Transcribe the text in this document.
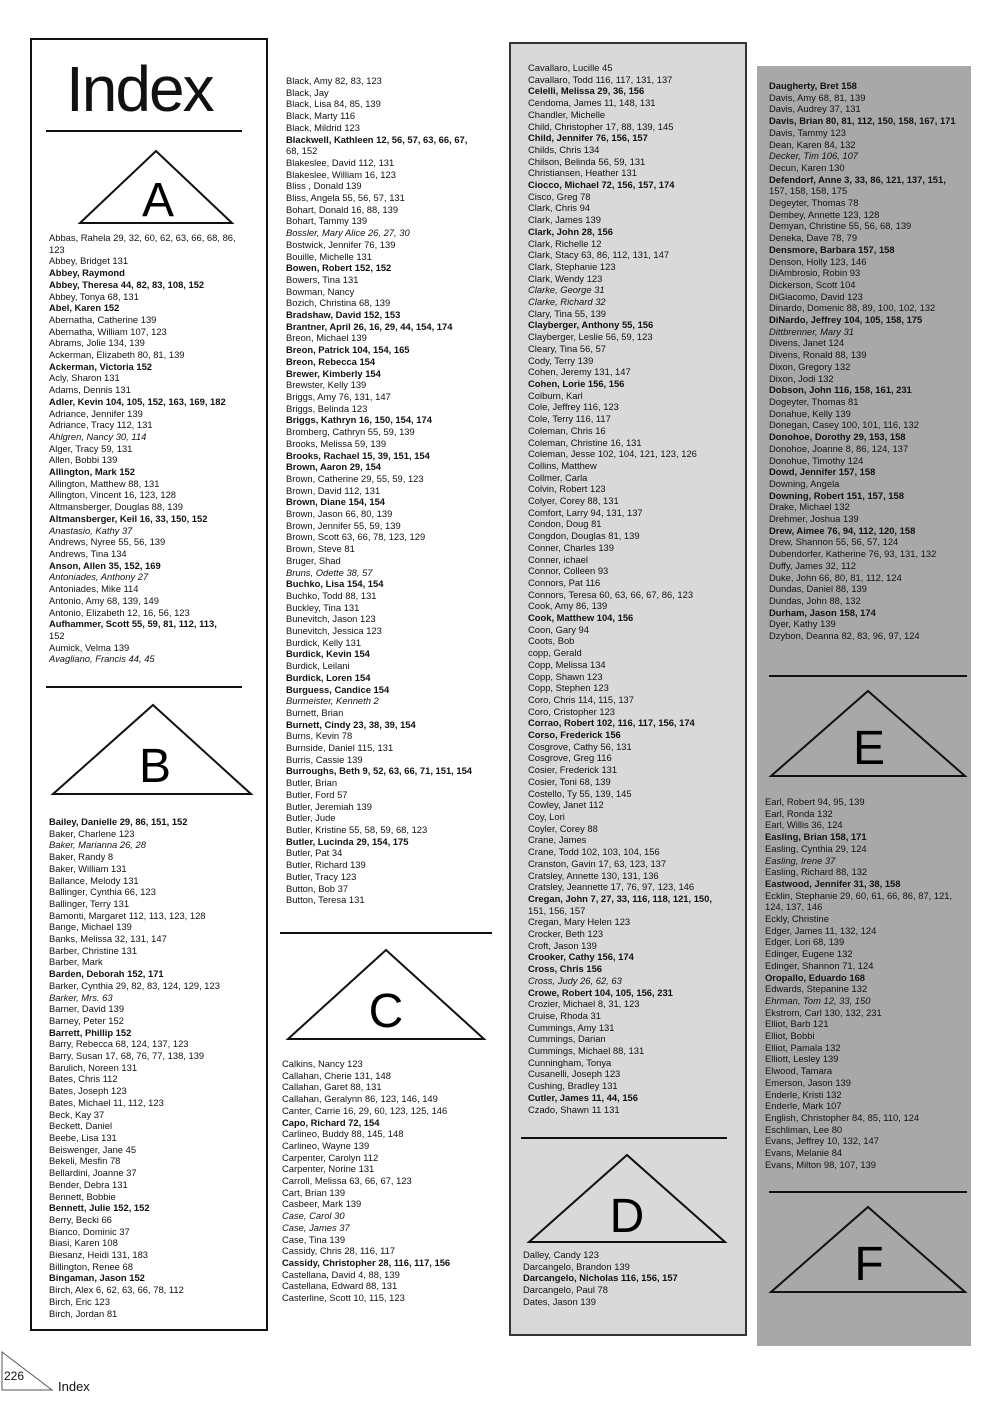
Index
A
Abbas, Rahela 29, 32, 60, 62, 63, 66, 68, 86,
123
Abbey, Bridget 131
Abbey, Raymond
Abbey, Theresa 44, 82, 83, 108, 152
Abbey, Tonya 68, 131
Abel, Karen 152
Abernatha, Catherine 139
Abernatha, William 107, 123
Abrams, Jolie 134, 139
Ackerman, Elizabeth 80, 81, 139
Ackerman, Victoria 152
Acly, Sharon 131
Adams, Dennis 131
Adler, Kevin 104, 105, 152, 163, 169, 182
Adriance, Jennifer 139
Adriance, Tracy 112, 131
Ahlgren, Nancy 30, 114
Alger, Tracy 59, 131
Allen, Bobbi 139
Allington, Mark 152
Allington, Matthew 88, 131
Allington, Vincent 16, 123, 128
Altmansberger, Douglas 88, 139
Altmansberger, Keil 16, 33, 150, 152
Anastasio, Kathy 37
Andrews, Nyree 55, 56, 139
Andrews, Tina 134
Anson, Allen 35, 152, 169
Antoniades, Anthony 27
Antoniades, Mike 114
Antonio, Amy 68, 139, 149
Antonio, Elizabeth 12, 16, 56, 123
Aufhammer, Scott 55, 59, 81, 112, 113,
152
Aumick, Velma 139
Avagliano, Francis 44, 45
B
Bailey, Danielle 29, 86, 151, 152
Baker, Charlene 123
Baker, Marianna 26, 28
Baker, Randy 8
Baker, William 131
Ballance, Melody 131
Ballinger, Cynthia 66, 123
Ballinger, Terry 131
Bamonti, Margaret 112, 113, 123, 128
Bange, Michael 139
Banks, Melissa 32, 131, 147
Barber, Christine 131
Barber, Mark
Barden, Deborah 152, 171
Barker, Cynthia 29, 82, 83, 124, 129, 123
Barker, Mrs. 63
Barner, David 139
Barney, Peter 152
Barrett, Phillip 152
Barry, Rebecca 68, 124, 137, 123
Barry, Susan 17, 68, 76, 77, 138, 139
Barulich, Noreen 131
Bates, Chris 112
Bates, Joseph 123
Bates, Michael 11, 112, 123
Beck, Kay 37
Beckett, Daniel
Beebe, Lisa 131
Beiswenger, Jane 45
Bekeli, Mesfin 78
Bellardini, Joanne 37
Bender, Debra 131
Bennett, Bobbie
Bennett, Julie 152, 152
Berry, Becki 66
Bianco, Dominic 37
Biasi, Karen 108
Biesanz, Heidi 131, 183
Billington, Renee 68
Bingaman, Jason 152
Birch, Alex 6, 62, 63, 66, 78, 112
Birch, Eric 123
Birch, Jordan 81
Black, Amy 82, 83, 123
Black, Jay
Black, Lisa 84, 85, 139
Black, Marty 116
Black, Mildrid 123
Blackwell, Kathleen 12, 56, 57, 63, 66, 67,
68, 152
Blakeslee, David 112, 131
Blakeslee, William 16, 123
Bliss , Donald 139
Bliss, Angela 55, 56, 57, 131
Bohart, Donald 16, 88, 139
Bohart, Tammy 139
Bossler, Mary Alice 26, 27, 30
Bostwick, Jennifer 76, 139
Bouille, Michelle 131
Bowen, Robert 152, 152
Bowers, Tina 131
Bowman, Nancy
Bozich, Christina 68, 139
Bradshaw, David 152, 153
Brantner, April 26, 16, 29, 44, 154, 174
Breon, Michael 139
Breon, Patrick 104, 154, 165
Breon, Rebecca 154
Brewer, Kimberly 154
Brewster, Kelly 139
Briggs, Amy 76, 131, 147
Briggs, Belinda 123
Briggs, Kathryn 16, 150, 154, 174
Bromberg, Cathryn 55, 59, 139
Brooks, Melissa 59, 139
Brooks, Rachael 15, 39, 151, 154
Brown, Aaron 29, 154
Brown, Catherine 29, 55, 59, 123
Brown, David 112, 131
Brown, Diane 154, 154
Brown, Jason 66, 80, 139
Brown, Jennifer 55, 59, 139
Brown, Scott 63, 66, 78, 123, 129
Brown, Steve 81
Bruger, Shad
Bruns, Odette 38, 57
Buchko, Lisa 154, 154
Buchko, Todd 88, 131
Buckley, Tina 131
Bunevitch, Jason 123
Bunevitch, Jessica 123
Burdick, Kelly 131
Burdick, Kevin 154
Burdick, Leilani
Burdick, Loren 154
Burguess, Candice 154
Burmeister, Kenneth 2
Burnett, Brian
Burnett, Cindy 23, 38, 39, 154
Burns, Kevin 78
Burnside, Daniel 115, 131
Burris, Cassie 139
Burroughs, Beth 9, 52, 63, 66, 71, 151, 154
Butler, Brian
Butler, Ford 57
Butler, Jeremiah 139
Butler, Jude
Butler, Kristine 55, 58, 59, 68, 123
Butler, Lucinda 29, 154, 175
Butler, Pat 34
Butler, Richard 139
Butler, Tracy 123
Button, Bob 37
Button, Teresa 131
C
Calkins, Nancy 123
Callahan, Cherie 131, 148
Callahan, Garet 88, 131
Callahan, Geralynn 86, 123, 146, 149
Canter, Carrie 16, 29, 60, 123, 125, 146
Capo, Richard 72, 154
Carlineo, Buddy 88, 145, 148
Carlineo, Wayne 139
Carpenter, Carolyn 112
Carpenter, Norine 131
Carroll, Melissa 63, 66, 67, 123
Cart, Brian 139
Casbeer, Mark 139
Case, Carol 30
Case, James 37
Case, Tina 139
Cassidy, Chris 28, 116, 117
Cassidy, Christopher 28, 116, 117, 156
Castellana, David 4, 88, 139
Castellana, Edward 88, 131
Casterline, Scott 10, 115, 123
Cavallaro, Lucille 45
Cavallaro, Todd 116, 117, 131, 137
Celelli, Melissa 29, 36, 156
Cendoma, James 11, 148, 131
Chandler, Michelle
Child, Christopher 17, 88, 139, 145
Child, Jennifer 76, 156, 157
Childs, Chris 134
Chilson, Belinda 56, 59, 131
Christiansen, Heather 131
Ciocco, Michael 72, 156, 157, 174
Cisco, Greg 78
Clark, Chris 94
Clark, James 139
Clark, John 28, 156
Clark, Richelle 12
Clark, Stacy 63, 86, 112, 131, 147
Clark, Stephanie 123
Clark, Wendy 123
Clarke, George 31
Clarke, Richard 32
Clary, Tina 55, 139
Clayberger, Anthony 55, 156
Clayberger, Leslie 56, 59, 123
Cleary, Tina 56, 57
Cody, Terry 139
Cohen, Jeremy 131, 147
Cohen, Lorie 156, 156
Colburn, Karl
Cole, Jeffrey 116, 123
Cole, Terry 116, 117
Coleman, Chris 16
Coleman, Christine 16, 131
Coleman, Jesse 102, 104, 121, 123, 126
Collins, Matthew
Collmer, Carla
Colvin, Robert 123
Colyer, Corey 88, 131
Comfort, Larry 94, 131, 137
Condon, Doug 81
Congdon, Douglas 81, 139
Conner, Charles 139
Conner, ichael
Connor, Colleen 93
Connors, Pat 116
Connors, Teresa 60, 63, 66, 67, 86, 123
Cook, Amy 86, 139
Cook, Matthew 104, 156
Coon, Gary 94
Coots, Bob
copp, Gerald
Copp, Melissa 134
Copp, Shawn 123
Copp, Stephen 123
Coro, Chris 114, 115, 137
Coro, Cristopher 123
Corrao, Robert 102, 116, 117, 156, 174
Corso, Frederick 156
Cosgrove, Cathy 56, 131
Cosgrove, Greg 116
Cosier, Frederick 131
Cosier, Toni 68, 139
Costello, Ty 55, 139, 145
Cowley, Janet 112
Coy, Lori
Coyler, Corey 88
Crane, James
Crane, Todd 102, 103, 104, 156
Cranston, Gavin 17, 63, 123, 137
Cratsley, Annette 130, 131, 136
Cratsley, Jeannette 17, 76, 97, 123, 146
Cregan, John 7, 27, 33, 116, 118, 121, 150,
151, 156, 157
Cregan, Mary Helen 123
Crocker, Beth 123
Croft, Jason 139
Crooker, Cathy 156, 174
Cross, Chris 156
Cross, Judy 26, 62, 63
Crowe, Robert 104, 105, 156, 231
Crozier, Michael 8, 31, 123
Cruise, Rhoda 31
Cummings, Amy 131
Cummings, Darian
Cummings, Michael 88, 131
Cunningham, Tonya
Cusanelli, Joseph 123
Cushing, Bradley 131
Cutler, James 11, 44, 156
Czado, Shawn 11 131
D
Dalley, Candy 123
Darcangelo, Brandon 139
Darcangelo, Nicholas 116, 156, 157
Darcangelo, Paul 78
Dates, Jason 139
Daugherty, Bret 158
Davis, Amy 68, 81, 139
Davis, Audrey 37, 131
Davis, Brian 80, 81, 112, 150, 158, 167, 171
Davis, Tammy 123
Dean, Karen 84, 132
Decker, Tim 106, 107
Decun, Karen 130
Defendorf, Anne 3, 33, 86, 121, 137, 151,
157, 158, 158, 175
Degeyter, Thomas 78
Dembey, Annette 123, 128
Demyan, Christine 55, 56, 68, 139
Deneka, Dave 78, 79
Densmore, Barbara 157, 158
Denson, Holly 123, 146
DiAmbrosio, Robin 93
Dickerson, Scott 104
DiGiacomo, David 123
Dinardo, Domenic 88, 89, 100, 102, 132
DiNardo, Jeffrey 104, 105, 158, 175
Dittbrenner, Mary 31
Divens, Janet 124
Divens, Ronald 88, 139
Dixon, Gregory 132
Dixon, Jodi 132
Dobson, John 116, 158, 161, 231
Dogeyter, Thomas 81
Donahue, Kelly 139
Donegan, Casey 100, 101, 116, 132
Donohoe, Dorothy 29, 153, 158
Donohoe, Joanne 8, 86, 124, 137
Donohue, Timothy 124
Dowd, Jennifer 157, 158
Downing, Angela
Downing, Robert 151, 157, 158
Drake, Michael 132
Drehmer, Joshua 139
Drew, Aimee 76, 94, 112, 120, 158
Drew, Shannon 55, 56, 57, 124
Dubendorfer, Katherine 76, 93, 131, 132
Duffy, James 32, 112
Duke, John 66, 80, 81, 112, 124
Dundas, Daniel 88, 139
Dundas, John 88, 132
Durham, Jason 158, 174
Dyer, Kathy 139
Dzybon, Deanna 82, 83, 96, 97, 124
E
Earl, Robert 94, 95, 139
Earl, Ronda 132
Earl, Willis 36, 124
Easling, Brian 158, 171
Easling, Cynthia 29, 124
Easling, Irene 37
Easling, Richard 88, 132
Eastwood, Jennifer 31, 38, 158
Ecklin, Stephanie 29, 60, 61, 66, 86, 87, 121,
124, 137, 146
Eckly, Christine
Edger, James 11, 132, 124
Edger, Lori 68, 139
Edinger, Eugene 132
Edinger, Shannon 71, 124
Oropallo, Eduardo 168
Edwards, Stepanine 132
Ehrman, Tom 12, 33, 150
Ekstrom, Carl 130, 132, 231
Elliot, Barb 121
Elliot, Bobbi
Elliot, Pamala 132
Elliott, Lesley 139
Elwood, Tamara
Emerson, Jason 139
Enderle, Kristi 132
Enderle, Mark 107
English, Christopher 84, 85, 110, 124
Eschliman, Lee 80
Evans, Jeffrey 10, 132, 147
Evans, Melanie 84
Evans, Milton 98, 107, 139
F
226
Index
